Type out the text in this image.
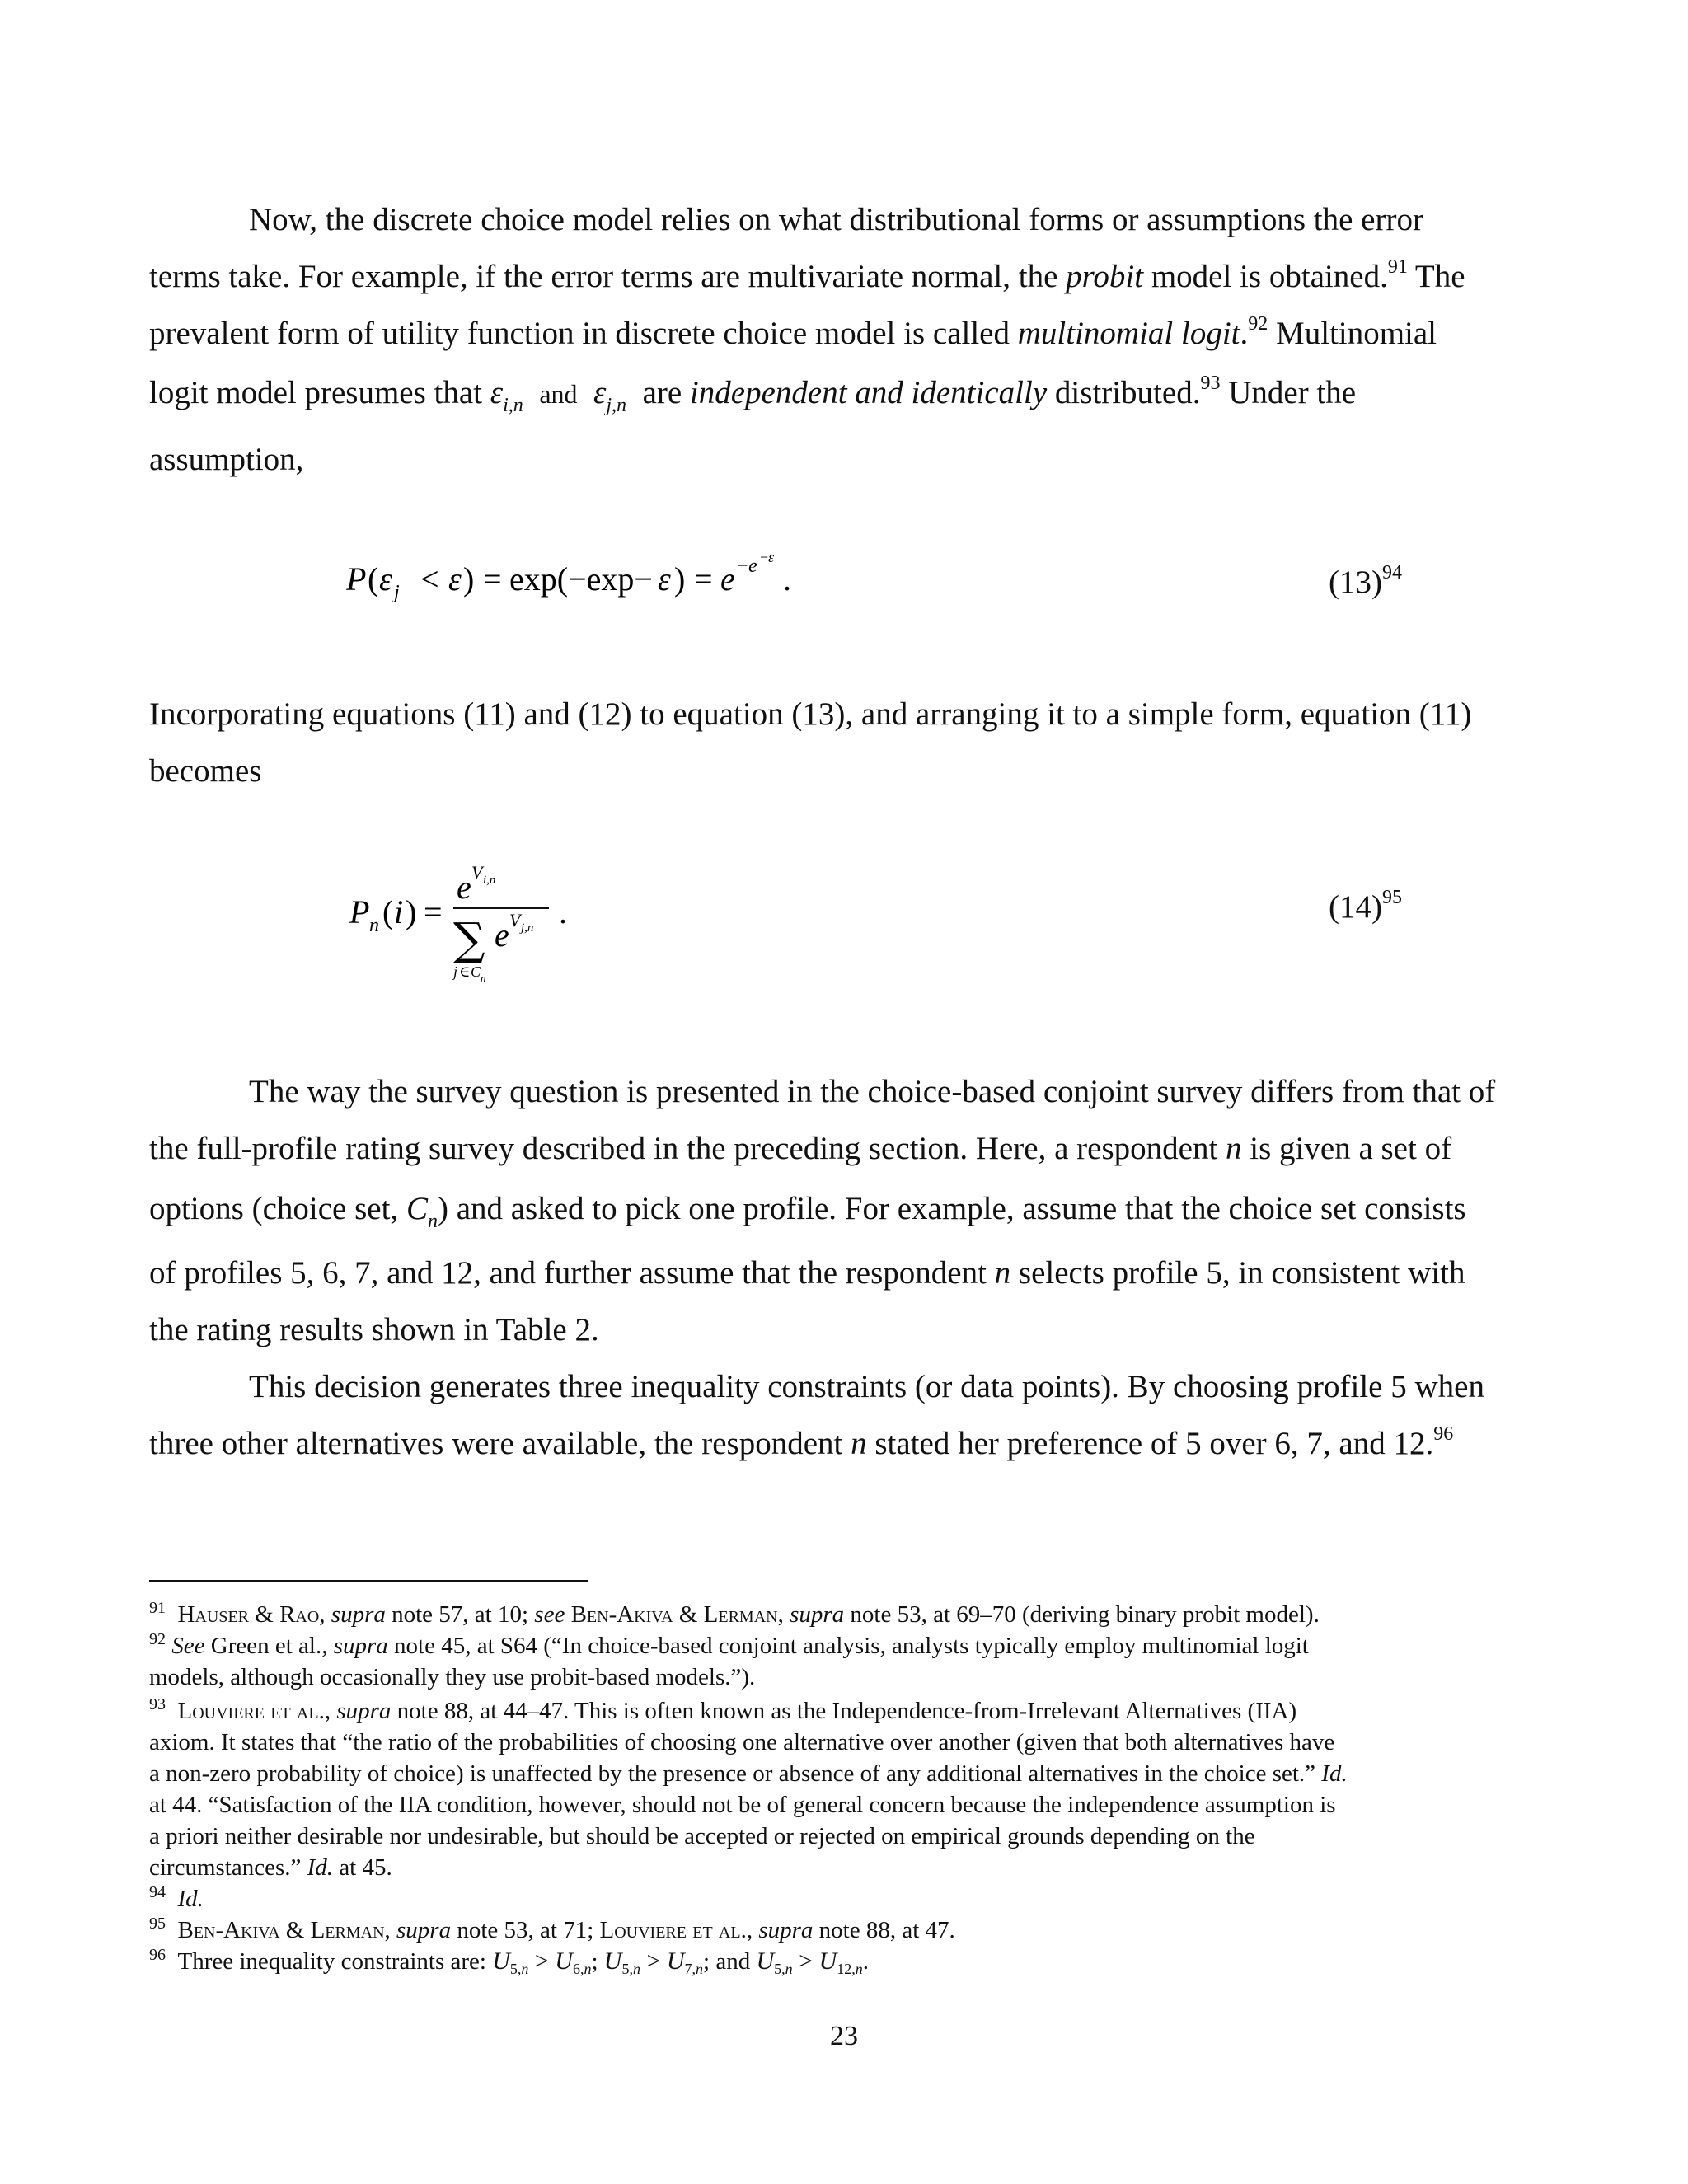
Now, the discrete choice model relies on what distributional forms or assumptions the error
terms take. For example, if the error terms are multivariate normal, the probit model is obtained.$^{91}$ The
prevalent form of utility function in discrete choice model is called multinomial logit.$^{92}$ Multinomial
logit model presumes that $\varepsilon_{i,n}$ and $\varepsilon_{j,n}$ are independent and identically distributed.$^{93}$ Under the
assumption,
P ( ε j < ε ) = exp(−exp− ε ) = e − e − ε
.	(13)$^{94}$
Incorporating equations (11) and (12) to equation (13), and arranging it to a simple form, equation (11)
becomes
P n ( i ) =
e V i,n
∑ e V j,n
j ∈ C n
.	(14)$^{95}$
The way the survey question is presented in the choice-based conjoint survey differs from that of
the full-profile rating survey described in the preceding section. Here, a respondent n is given a set of
options (choice set, $C_n$) and asked to pick one profile. For example, assume that the choice set consists
of profiles 5, 6, 7, and 12, and further assume that the respondent n selects profile 5, in consistent with
the rating results shown in Table 2.
This decision generates three inequality constraints (or data points). By choosing profile 5 when
three other alternatives were available, the respondent n stated her preference of 5 over 6, 7, and 12.96
$^{91}$ Hauser & Rao, supra note 57, at 10; see Ben-Akiva & Lerman, supra note 53, at 69–70 (deriving binary probit model).
$^{92}$ See Green et al., supra note 45, at S64 (“In choice-based conjoint analysis, analysts typically employ multinomial logit
models, although occasionally they use probit-based models.”).
$^{93}$ Louviere et al., supra note 88, at 44–47. This is often known as the Independence-from-Irrelevant Alternatives (IIA)
axiom. It states that “the ratio of the probabilities of choosing one alternative over another (given that both alternatives have
a non-zero probability of choice) is unaffected by the presence or absence of any additional alternatives in the choice set.” Id.
at 44. “Satisfaction of the IIA condition, however, should not be of general concern because the independence assumption is
a priori neither desirable nor undesirable, but should be accepted or rejected on empirical grounds depending on the
circumstances.” Id. at 45.
$^{94}$ Id.
$^{95}$ Ben-Akiva & Lerman, supra note 53, at 71; Louviere et al., supra note 88, at 47.
$^{96}$ Three inequality constraints are: $U_{5,n} > U_{6,n}$; $U_{5,n} > U_{7,n}$; and $U_{5,n} > U_{12,n}$.
23
